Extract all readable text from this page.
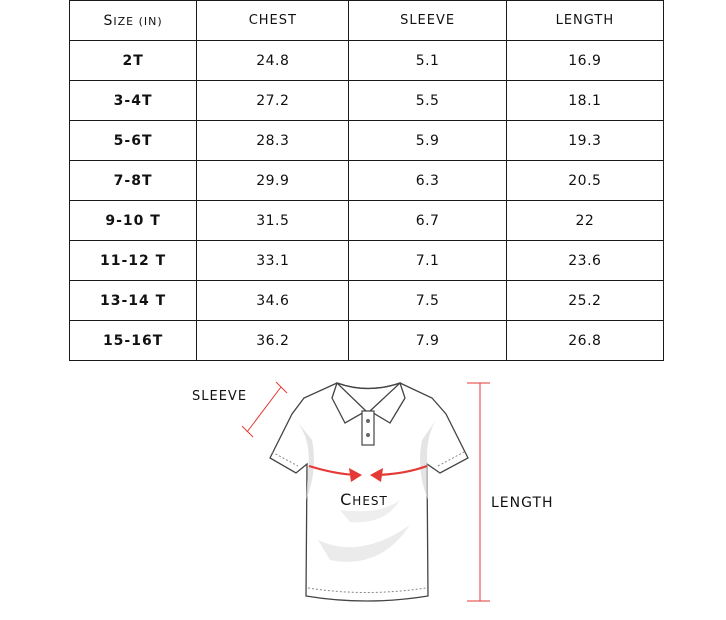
SIZE (IN)	CHEST	SLEEVE	LENGTH
2T	24.8	5.1	16.9
3-4T	27.2	5.5	18.1
5-6T	28.3	5.9	19.3
7-8T	29.9	6.3	20.5
9-10 T	31.5	6.7	22
11-12 T	33.1	7.1	23.6
13-14 T	34.6	7.5	25.2
15-16T	36.2	7.9	26.8
CHEST
SLEEVE
LENGTH
